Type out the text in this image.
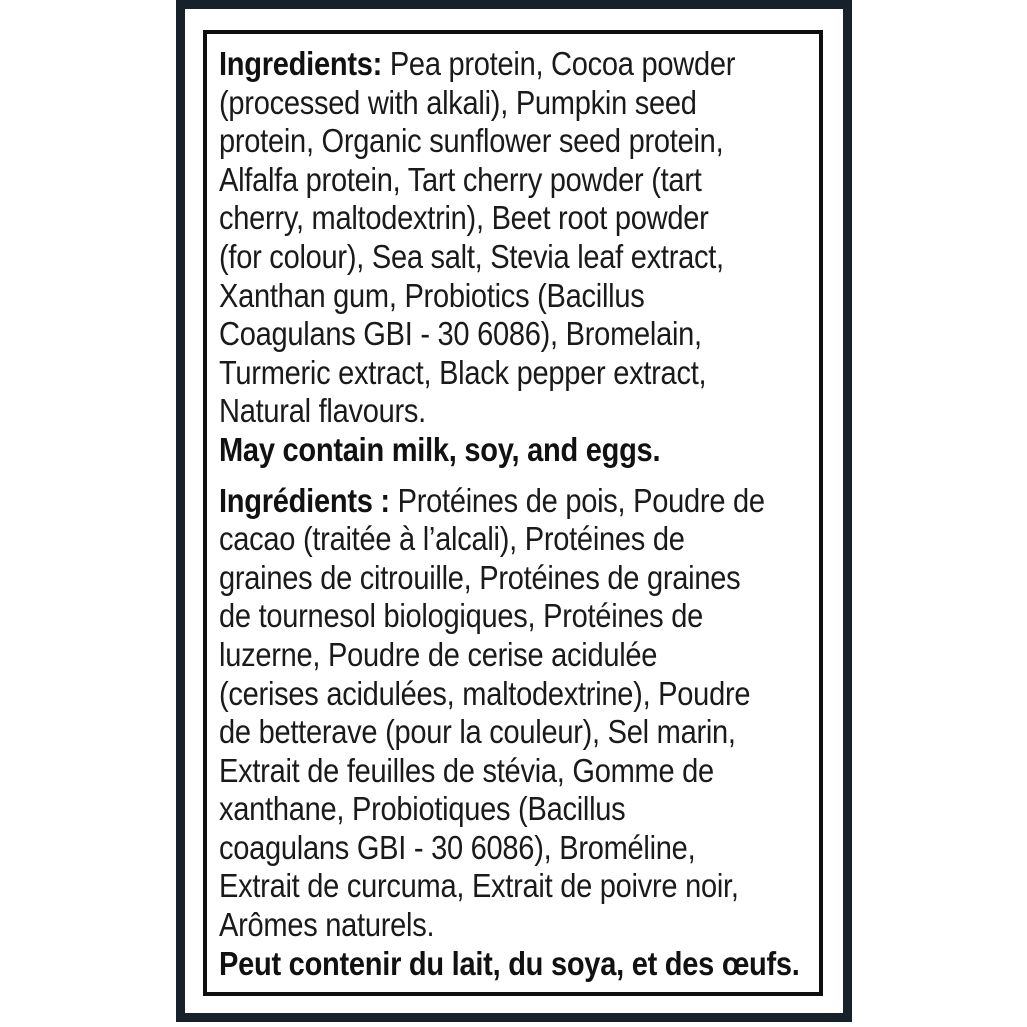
Ingredients: Pea protein, Cocoa powder
(processed with alkali), Pumpkin seed
protein, Organic sunflower seed protein,
Alfalfa protein, Tart cherry powder (tart
cherry, maltodextrin), Beet root powder
(for colour), Sea salt, Stevia leaf extract,
Xanthan gum, Probiotics (Bacillus
Coagulans GBI - 30 6086), Bromelain,
Turmeric extract, Black pepper extract,
Natural flavours.
May contain milk, soy, and eggs.
Ingrédients : Protéines de pois, Poudre de
cacao (traitée à l’alcali), Protéines de
graines de citrouille, Protéines de graines
de tournesol biologiques, Protéines de
luzerne, Poudre de cerise acidulée
(cerises acidulées, maltodextrine), Poudre
de betterave (pour la couleur), Sel marin,
Extrait de feuilles de stévia, Gomme de
xanthane, Probiotiques (Bacillus
coagulans GBI - 30 6086), Broméline,
Extrait de curcuma, Extrait de poivre noir,
Arômes naturels.
Peut contenir du lait, du soya, et des œufs.
